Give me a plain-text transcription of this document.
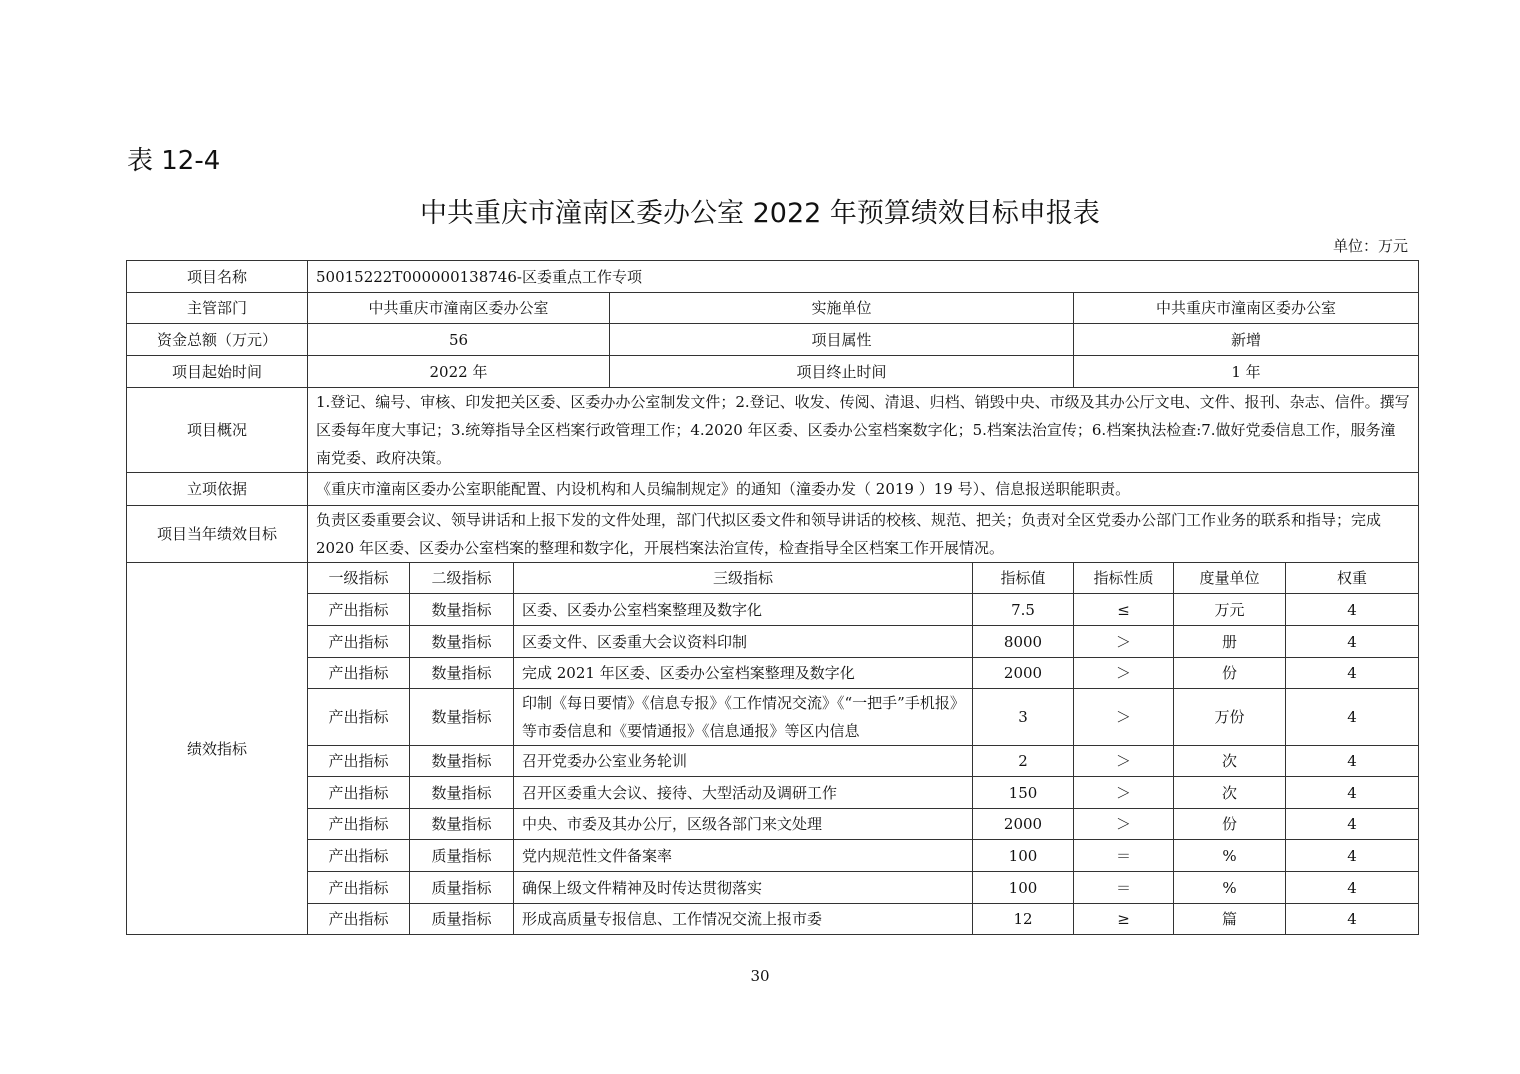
表 12-4
中共重庆市潼南区委办公室 2022 年预算绩效目标申报表
单位：万元
项目名称	50015222T000000138746-区委重点工作专项							
主管部门	中共重庆市潼南区委办公室			实施单位		中共重庆市潼南区委办公室		
资金总额（万元）	56			项目属性		新增		
项目起始时间	2022 年			项目终止时间		1 年		
项目概况	1.登记、编号、审核、印发把关区委、区委办办公室制发文件；2.登记、收发、传阅、清退、归档、销毁中央、市级及其办公厅文电、文件、报刊、杂志、信件。撰写区委每年度大事记；3.统筹指导全区档案行政管理工作；4.2020 年区委、区委办公室档案数字化；5.档案法治宣传；6.档案执法检查:7.做好党委信息工作，服务潼南党委、政府决策。							
立项依据	《重庆市潼南区委办公室职能配置、内设机构和人员编制规定》的通知（潼委办发（ 2019 ）19 号）、信息报送职能职责。							
项目当年绩效目标	负责区委重要会议、领导讲话和上报下发的文件处理，部门代拟区委文件和领导讲话的校核、规范、把关；负责对全区党委办公部门工作业务的联系和指导；完成 2020 年区委、区委办公室档案的整理和数字化，开展档案法治宣传，检查指导全区档案工作开展情况。							
绩效指标	一级指标	二级指标	三级指标		指标值	指标性质	度量单位	权重
	产出指标	数量指标	区委、区委办公室档案整理及数字化		7.5	≤	万元	4
	产出指标	数量指标	区委文件、区委重大会议资料印制		8000	＞	册	4
	产出指标	数量指标	完成 2021 年区委、区委办公室档案整理及数字化		2000	＞	份	4
	产出指标	数量指标	印制《每日要情》《信息专报》《工作情况交流》《“一把手”手机报》等市委信息和《要情通报》《信息通报》等区内信息		3	＞	万份	4
	产出指标	数量指标	召开党委办公室业务轮训		2	＞	次	4
	产出指标	数量指标	召开区委重大会议、接待、大型活动及调研工作		150	＞	次	4
	产出指标	数量指标	中央、市委及其办公厅，区级各部门来文处理		2000	＞	份	4
	产出指标	质量指标	党内规范性文件备案率		100	＝	%	4
	产出指标	质量指标	确保上级文件精神及时传达贯彻落实		100	＝	%	4
	产出指标	质量指标	形成高质量专报信息、工作情况交流上报市委		12	≥	篇	4
30
